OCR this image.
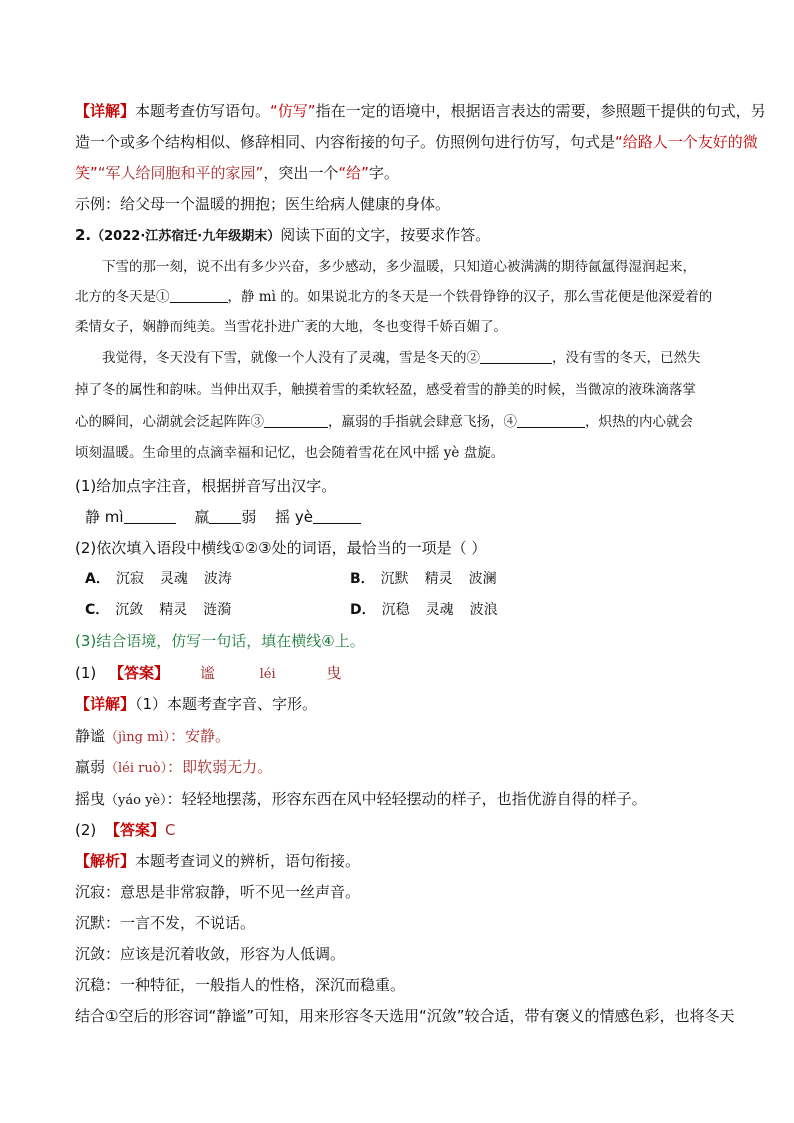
【详解】本题考查仿写语句。“仿写”指在一定的语境中，根据语言表达的需要，参照题干提供的句式，另
造一个或多个结构相似、修辞相同、内容衔接的句子。仿照例句进行仿写，句式是“给路人一个友好的微
笑”“军人给同胞和平的家园”，突出一个“给”字。
示例：给父母一个温暖的拥抱；医生给病人健康的身体。
2.（2022·江苏宿迁·九年级期末）阅读下面的文字，按要求作答。
下雪的那一刻，说不出有多少兴奋，多少感动，多少温暖，只知道心被满满的期待氤氲得湿润起来，
北方的冬天是①	，静 mì 的。如果说北方的冬天是一个铁骨铮铮的汉子，那么雪花便是他深爱着的
柔情女子，娴静而纯美。当雪花扑进广袤的大地，冬也变得千娇百媚了。
我觉得，冬天没有下雪，就像一个人没有了灵魂，雪是冬天的②	，没有雪的冬天，已然失
掉了冬的属性和韵味。当伸出双手，触摸着雪的柔软轻盈，感受着雪的静美的时候，当微凉的液珠滴落掌
心的瞬间，心湖就会泛起阵阵③	，羸弱的手指就会肆意飞扬，④	，炽热的内心就会
顷刻温暖。生命里的点滴幸福和记忆，也会随着雪花在风中摇 yè 盘旋。
(1)给加点字注音，根据拼音写出汉字。
静 mì	羸 弱 摇 yè
(2)依次填入语段中横线①②③处的词语，最恰当的一项是（ ）
A． 沉寂 灵魂 波涛	B． 沉默 精灵 波澜
C． 沉敛 精灵 涟漪	D． 沉稳 灵魂 波浪
(3)结合语境，仿写一句话，填在横线④上。
(1) 【答案】 谧	léi	曳
【详解】（1）本题考查字音、字形。
静谧（jìng mì）：安静。
羸弱（léi ruò）：即软弱无力。
摇曳（yáo yè）：轻轻地摆荡，形容东西在风中轻轻摆动的样子，也指优游自得的样子。
(2) 【答案】C
【解析】本题考查词义的辨析，语句衔接。
沉寂：意思是非常寂静，听不见一丝声音。
沉默：一言不发，不说话。
沉敛：应该是沉着收敛，形容为人低调。
沉稳：一种特征，一般指人的性格，深沉而稳重。
结合①空后的形容词“静谧”可知，用来形容冬天选用“沉敛”较合适，带有褒义的情感色彩，也将冬天
